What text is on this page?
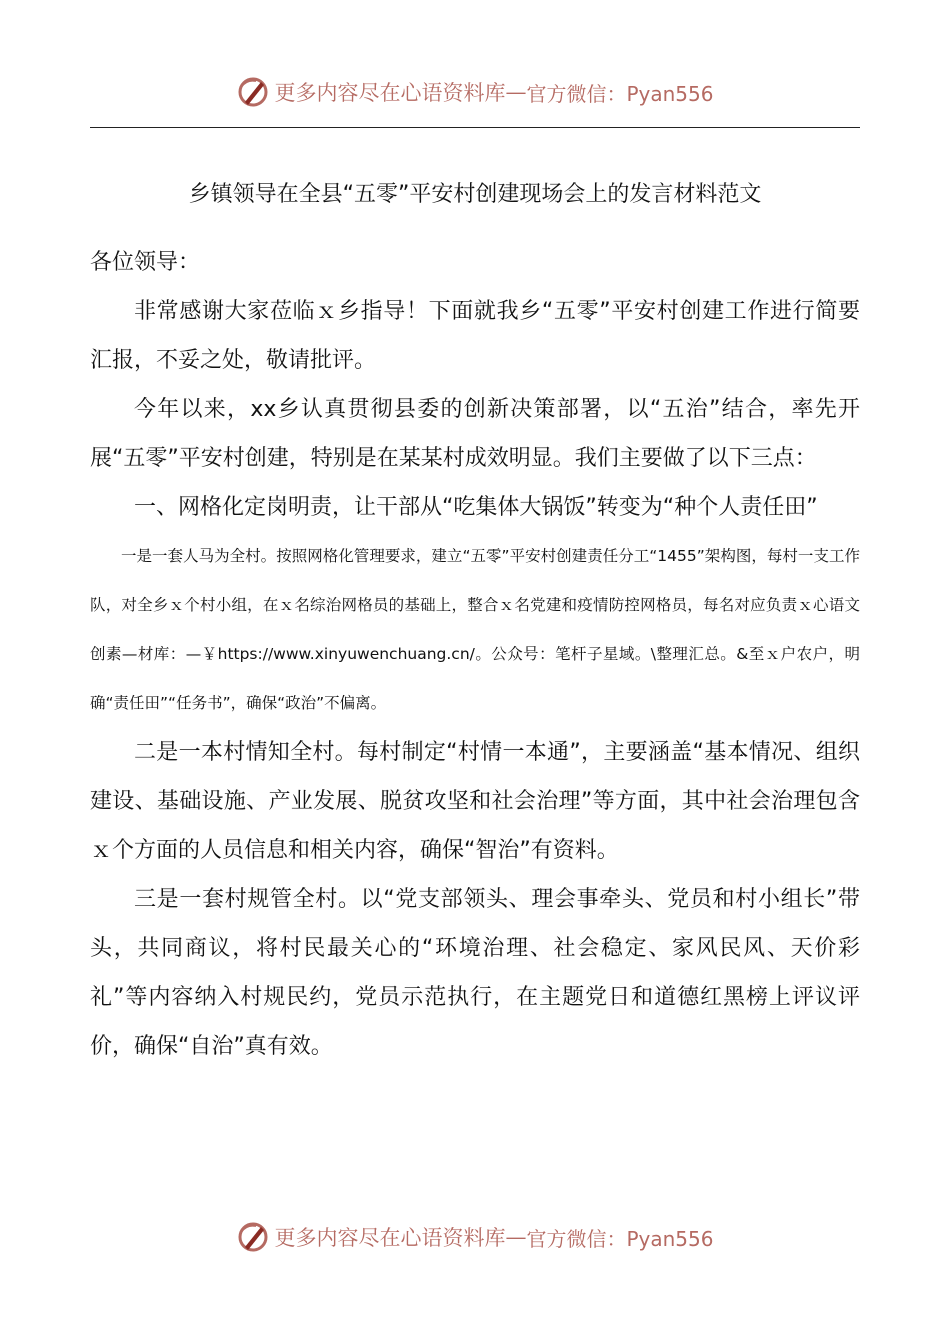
更多内容尽在心语资料库 — 官方微信：Pyan556
乡镇领导在全县“五零”平安村创建现场会上的发言材料范文

各位领导：

非常感谢大家莅临ｘ乡指导！下面就我乡“五零”平安村创建工作进行简要汇报，不妥之处，敬请批评。

今年以来，xx乡认真贯彻县委的创新决策部署，以“五治”结合，率先开展“五零”平安村创建，特别是在某某村成效明显。我们主要做了以下三点：

一、网格化定岗明责，让干部从“吃集体大锅饭”转变为“种个人责任田”

一是一套人马为全村。按照网格化管理要求，建立“五零”平安村创建责任分工“1455”架构图，每村一支工作队，对全乡ｘ个村小组，在ｘ名综治网格员的基础上，整合ｘ名党建和疫情防控网格员，每名对应负责ｘ心语文创素—材库：—￥https://www.xinyuwenchuang.cn/。公众号：笔杆子星域。\整理汇总。&至ｘ户农户，明确“责任田”“任务书”，确保“政治”不偏离。

二是一本村情知全村。每村制定“村情一本通”，主要涵盖“基本情况、组织建设、基础设施、产业发展、脱贫攻坚和社会治理”等方面，其中社会治理包含ｘ个方面的人员信息和相关内容，确保“智治”有资料。

三是一套村规管全村。以“党支部领头、理会事牵头、党员和村小组长”带头，共同商议，将村民最关心的“环境治理、社会稳定、家风民风、天价彩礼”等内容纳入村规民约，党员示范执行，在主题党日和道德红黑榜上评议评价，确保“自治”真有效。

更多内容尽在心语资料库 — 官方微信：Pyan556
